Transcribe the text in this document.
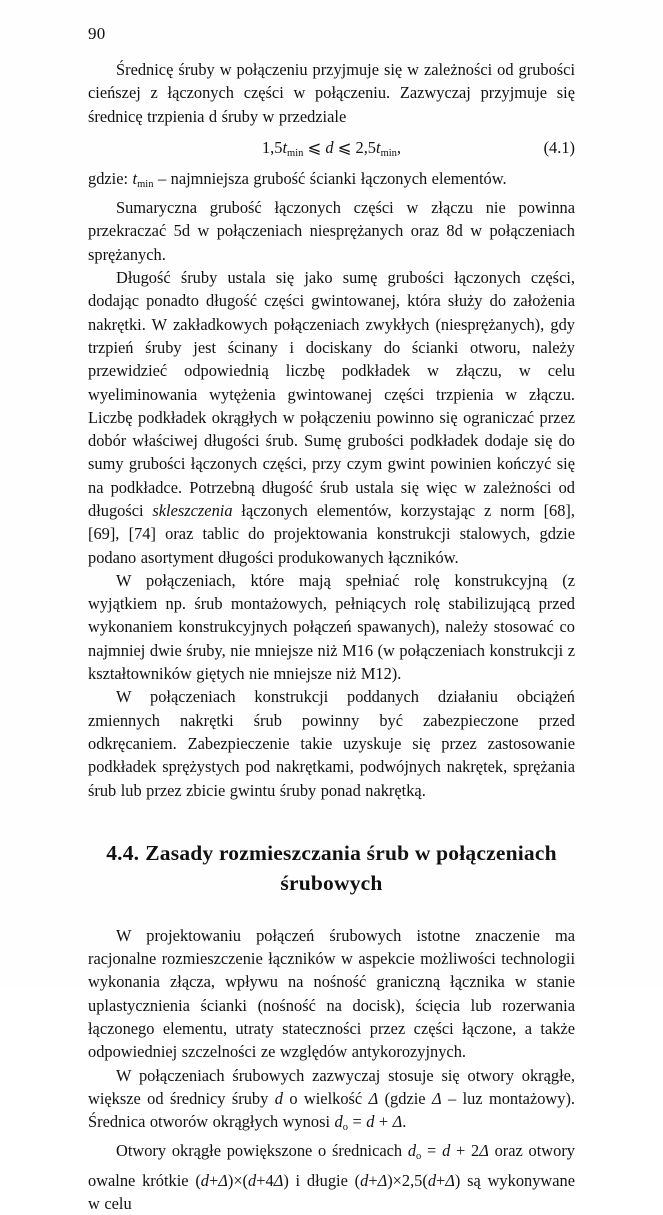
90

Średnicę śruby w połączeniu przyjmuje się w zależności od grubości cieńszej z łączonych części w połączeniu. Zazwyczaj przyjmuje się średnicę trzpienia d śruby w przedziale

$1,5t_{min}$ ⩽ d ⩽ $2,5t_{min}$,	(4.1)

gdzie: $t_{min}$ – najmniejsza grubość ścianki łączonych elementów.

Sumaryczna grubość łączonych części w złączu nie powinna przekraczać 5d w połączeniach niesprężanych oraz 8d w połączeniach sprężanych.

Długość śruby ustala się jako sumę grubości łączonych części, dodając ponadto długość części gwintowanej, która służy do założenia nakrętki. W zakładkowych połączeniach zwykłych (niesprężanych), gdy trzpień śruby jest ścinany i dociskany do ścianki otworu, należy przewidzieć odpowiednią liczbę podkładek w złączu, w celu wyeliminowania wytężenia gwintowanej części trzpienia w złączu. Liczbę podkładek okrągłych w połączeniu powinno się ograniczać przez dobór właściwej długości śrub. Sumę grubości podkładek dodaje się do sumy grubości łączonych części, przy czym gwint powinien kończyć się na podkładce. Potrzebną długość śrub ustala się więc w zależności od długości skleszczenia łączonych elementów, korzystając z norm [68], [69], [74] oraz tablic do projektowania konstrukcji stalowych, gdzie podano asortyment długości produkowanych łączników.

W połączeniach, które mają spełniać rolę konstrukcyjną (z wyjątkiem np. śrub montażowych, pełniących rolę stabilizującą przed wykonaniem konstrukcyjnych połączeń spawanych), należy stosować co najmniej dwie śruby, nie mniejsze niż M16 (w połączeniach konstrukcji z kształtowników giętych nie mniejsze niż M12).

W połączeniach konstrukcji poddanych działaniu obciążeń zmiennych nakrętki śrub powinny być zabezpieczone przed odkręcaniem. Zabezpieczenie takie uzyskuje się przez zastosowanie podkładek sprężystych pod nakrętkami, podwójnych nakrętek, sprężania śrub lub przez zbicie gwintu śruby ponad nakrętką.

4.4. Zasady rozmieszczania śrub w połączeniach śrubowych

W projektowaniu połączeń śrubowych istotne znaczenie ma racjonalne rozmieszczenie łączników w aspekcie możliwości technologii wykonania złącza, wpływu na nośność graniczną łącznika w stanie uplastycznienia ścianki (nośność na docisk), ścięcia lub rozerwania łączonego elementu, utraty stateczności przez części łączone, a także odpowiedniej szczelności ze względów antykorozyjnych.

W połączeniach śrubowych zazwyczaj stosuje się otwory okrągłe, większe od średnicy śruby d o wielkość Δ (gdzie Δ – luz montażowy). Średnica otworów okrągłych wynosi $d_o = d + \Delta$.

Otwory okrągłe powiększone o średnicach $d_o = d + 2\Delta$ oraz otwory owalne krótkie (d+Δ)×(d+4Δ) i długie (d+Δ)×2,5(d+Δ) są wykonywane w celu
